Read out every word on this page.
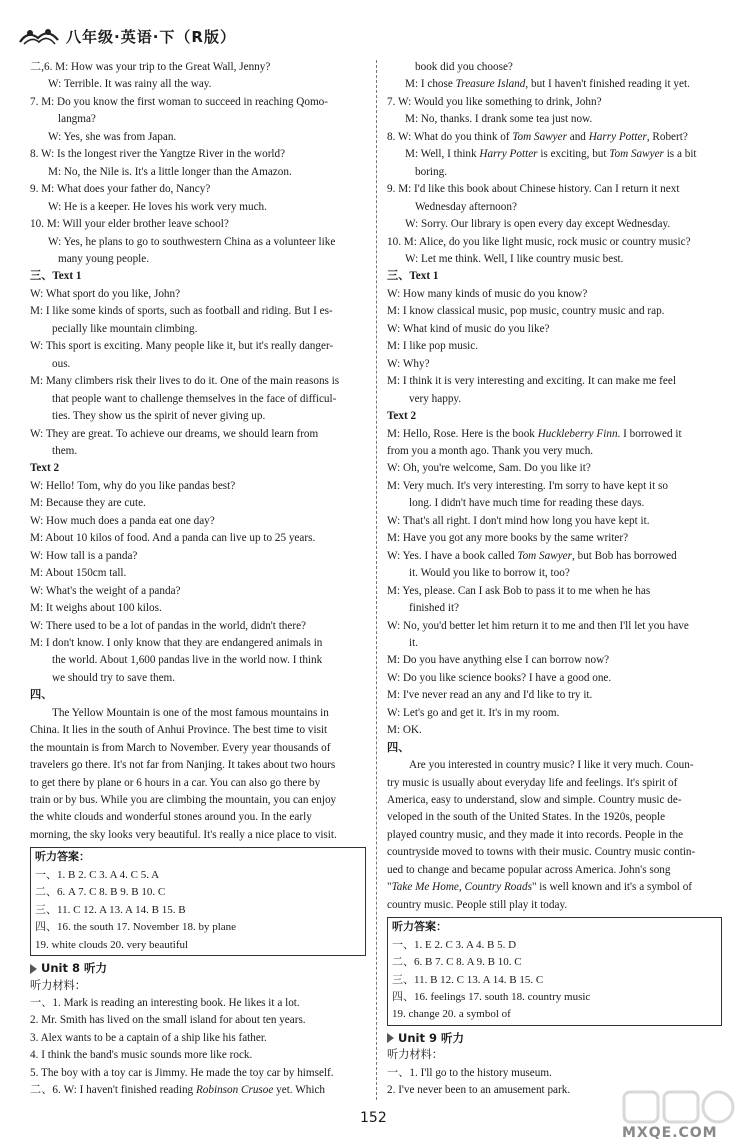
八年级·英语·下（R版）
二,6. M: How was your trip to the Great Wall, Jenny?
W: Terrible. It was rainy all the way.
7. M: Do you know the first woman to succeed in reaching Qomo-
langma?
W: Yes, she was from Japan.
8. W: Is the longest river the Yangtze River in the world?
M: No, the Nile is. It's a little longer than the Amazon.
9. M: What does your father do, Nancy?
W: He is a keeper. He loves his work very much.
10. M: Will your elder brother leave school?
W: Yes, he plans to go to southwestern China as a volunteer like
many young people.
三、Text 1
W: What sport do you like, John?
M: I like some kinds of sports, such as football and riding. But I es-
pecially like mountain climbing.
W: This sport is exciting. Many people like it, but it's really danger-
ous.
M: Many climbers risk their lives to do it. One of the main reasons is
that people want to challenge themselves in the face of difficul-
ties. They show us the spirit of never giving up.
W: They are great. To achieve our dreams, we should learn from
them.
Text 2
W: Hello! Tom, why do you like pandas best?
M: Because they are cute.
W: How much does a panda eat one day?
M: About 10 kilos of food. And a panda can live up to 25 years.
W: How tall is a panda?
M: About 150cm tall.
W: What's the weight of a panda?
M: It weighs about 100 kilos.
W: There used to be a lot of pandas in the world, didn't there?
M: I don't know. I only know that they are endangered animals in
the world. About 1,600 pandas live in the world now. I think
we should try to save them.
四、
The Yellow Mountain is one of the most famous mountains in
China. It lies in the south of Anhui Province. The best time to visit
the mountain is from March to November. Every year thousands of
travelers go there. It's not far from Nanjing. It takes about two hours
to get there by plane or 6 hours in a car. You can also go there by
train or by bus. While you are climbing the mountain, you can enjoy
the white clouds and wonderful stones around you. In the early
morning, the sky looks very beautiful. It's really a nice place to visit.
听力答案：
一、1. B 2. C 3. A 4. C 5. A
二、6. A 7. C 8. B 9. B 10. C
三、11. C 12. A 13. A 14. B 15. B
四、16. the south 17. November 18. by plane
19. white clouds 20. very beautiful
Unit 8 听力
听力材料：
一、1. Mark is reading an interesting book. He likes it a lot.
2. Mr. Smith has lived on the small island for about ten years.
3. Alex wants to be a captain of a ship like his father.
4. I think the band's music sounds more like rock.
5. The boy with a toy car is Jimmy. He made the toy car by himself.
二、6. W: I haven't finished reading Robinson Crusoe yet. Which
book did you choose?
M: I chose Treasure Island, but I haven't finished reading it yet.
7. W: Would you like something to drink, John?
M: No, thanks. I drank some tea just now.
8. W: What do you think of Tom Sawyer and Harry Potter, Robert?
M: Well, I think Harry Potter is exciting, but Tom Sawyer is a bit
boring.
9. M: I'd like this book about Chinese history. Can I return it next
Wednesday afternoon?
W: Sorry. Our library is open every day except Wednesday.
10. M: Alice, do you like light music, rock music or country music?
W: Let me think. Well, I like country music best.
三、Text 1
W: How many kinds of music do you know?
M: I know classical music, pop music, country music and rap.
W: What kind of music do you like?
M: I like pop music.
W: Why?
M: I think it is very interesting and exciting. It can make me feel
very happy.
Text 2
M: Hello, Rose. Here is the book Huckleberry Finn. I borrowed it
from you a month ago. Thank you very much.
W: Oh, you're welcome, Sam. Do you like it?
M: Very much. It's very interesting. I'm sorry to have kept it so
long. I didn't have much time for reading these days.
W: That's all right. I don't mind how long you have kept it.
M: Have you got any more books by the same writer?
W: Yes. I have a book called Tom Sawyer, but Bob has borrowed
it. Would you like to borrow it, too?
M: Yes, please. Can I ask Bob to pass it to me when he has
finished it?
W: No, you'd better let him return it to me and then I'll let you have
it.
M: Do you have anything else I can borrow now?
W: Do you like science books? I have a good one.
M: I've never read an any and I'd like to try it.
W: Let's go and get it. It's in my room.
M: OK.
四、
Are you interested in country music? I like it very much. Coun-
try music is usually about everyday life and feelings. It's spirit of
America, easy to understand, slow and simple. Country music de-
veloped in the south of the United States. In the 1920s, people
played country music, and they made it into records. People in the
countryside moved to towns with their music. Country music contin-
ued to change and became popular across America. John's song
"Take Me Home, Country Roads" is well known and it's a symbol of
country music. People still play it today.
听力答案：
一、1. E 2. C 3. A 4. B 5. D
二、6. B 7. C 8. A 9. B 10. C
三、11. B 12. C 13. A 14. B 15. C
四、16. feelings 17. south 18. country music
19. change 20. a symbol of
Unit 9 听力
听力材料：
一、1. I'll go to the history museum.
2. I've never been to an amusement park.
152
MXQE.COM
